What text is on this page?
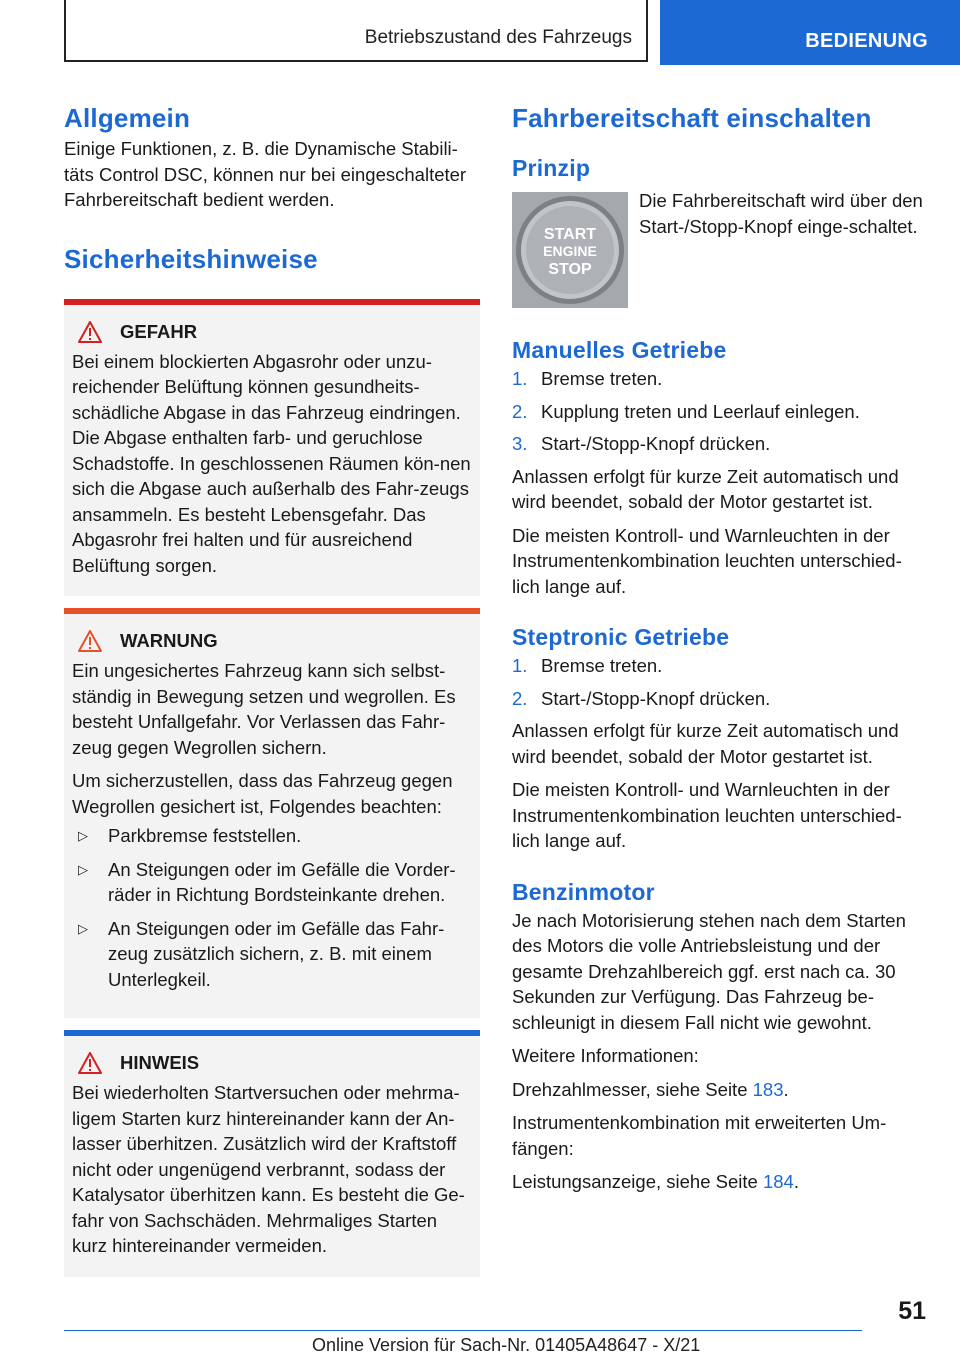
Betriebszustand des Fahrzeugs	BEDIENUNG
Allgemein

Einige Funktionen, z. B. die Dynamische Stabili-täts Control DSC, können nur bei eingeschalteter Fahrbereitschaft bedient werden.

Sicherheitshinweise
GEFAHR

Bei einem blockierten Abgasrohr oder unzu-reichender Belüftung können gesundheits-schädliche Abgase in das Fahrzeug eindringen. Die Abgase enthalten farb- und geruchlose Schadstoffe. In geschlossenen Räumen kön-nen sich die Abgase auch außerhalb des Fahr-zeugs ansammeln. Es besteht Lebensgefahr. Das Abgasrohr frei halten und für ausreichend Belüftung sorgen.

WARNUNG

Ein ungesichertes Fahrzeug kann sich selbst-ständig in Bewegung setzen und wegrollen. Es besteht Unfallgefahr. Vor Verlassen das Fahr-zeug gegen Wegrollen sichern.

Um sicherzustellen, dass das Fahrzeug gegen Wegrollen gesichert ist, Folgendes beachten:

▷	Parkbremse feststellen.
▷	An Steigungen oder im Gefälle die Vorder-räder in Richtung Bordsteinkante drehen.
▷	An Steigungen oder im Gefälle das Fahr-zeug zusätzlich sichern, z. B. mit einem Unterlegkeil.
HINWEIS

Bei wiederholten Startversuchen oder mehrma-ligem Starten kurz hintereinander kann der An-lasser überhitzen. Zusätzlich wird der Kraftstoff nicht oder ungenügend verbrannt, sodass der Katalysator überhitzen kann. Es besteht die Ge-fahr von Sachschäden. Mehrmaliges Starten kurz hintereinander vermeiden.

Fahrbereitschaft einschalten
Prinzip
START
ENGINE
STOP

Die Fahrbereitschaft wird über den Start-/Stopp-Knopf einge-schaltet.

Manuelles Getriebe
1. Bremse treten.
2. Kupplung treten und Leerlauf einlegen.
3. Start-/Stopp-Knopf drücken.

Anlassen erfolgt für kurze Zeit automatisch und wird beendet, sobald der Motor gestartet ist.

Die meisten Kontroll- und Warnleuchten in der Instrumentenkombination leuchten unterschied-lich lange auf.

Steptronic Getriebe
1. Bremse treten.
2. Start-/Stopp-Knopf drücken.

Anlassen erfolgt für kurze Zeit automatisch und wird beendet, sobald der Motor gestartet ist.

Die meisten Kontroll- und Warnleuchten in der Instrumentenkombination leuchten unterschied-lich lange auf.

Benzinmotor

Je nach Motorisierung stehen nach dem Starten des Motors die volle Antriebsleistung und der gesamte Drehzahlbereich ggf. erst nach ca. 30 Sekunden zur Verfügung. Das Fahrzeug be-schleunigt in diesem Fall nicht wie gewohnt.

Weitere Informationen:

Drehzahlmesser, siehe Seite 183.

Instrumentenkombination mit erweiterten Um-fängen:

Leistungsanzeige, siehe Seite 184.

51
Online Version für Sach-Nr. 01405A48647 - X/21
